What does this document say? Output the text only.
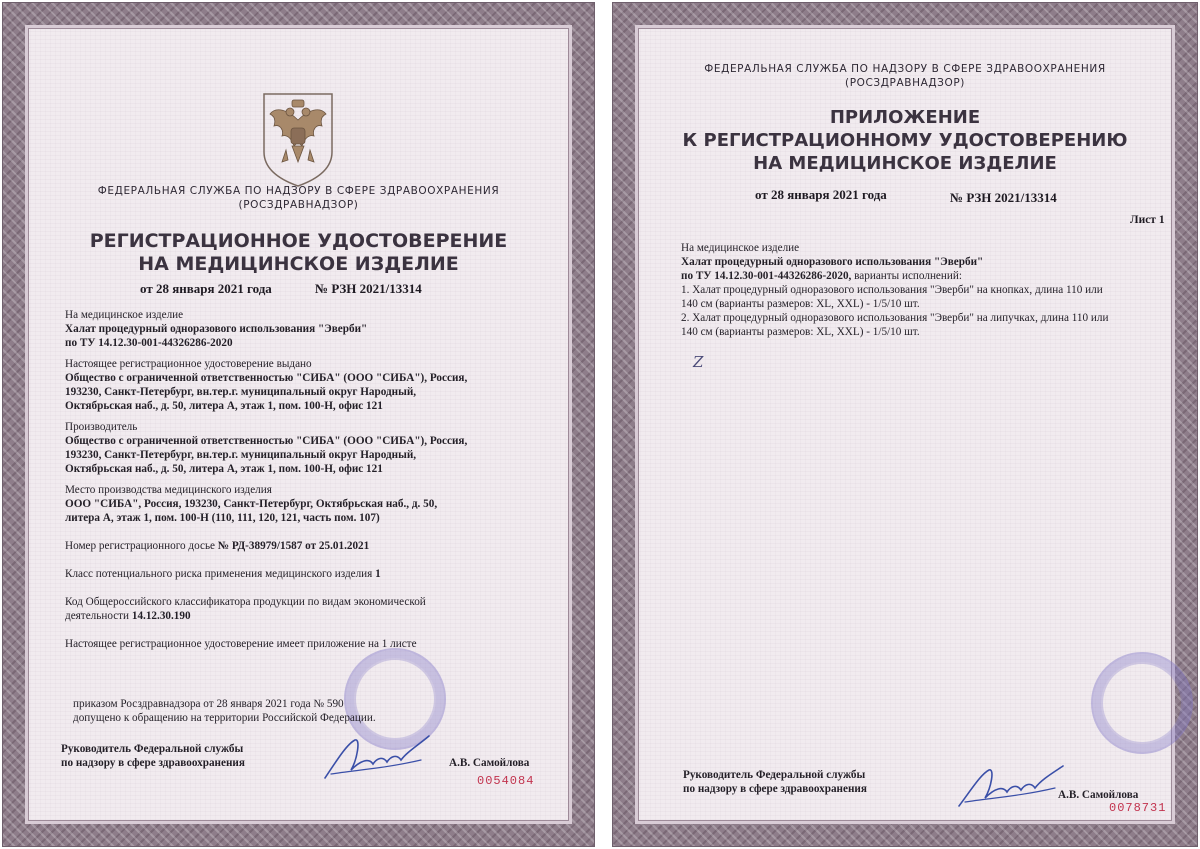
ФЕДЕРАЛЬНАЯ СЛУЖБА ПО НАДЗОРУ В СФЕРЕ ЗДРАВООХРАНЕНИЯ

(РОСЗДРАВНАДЗОР)

РЕГИСТРАЦИОННОЕ УДОСТОВЕРЕНИЕ

НА МЕДИЦИНСКОЕ ИЗДЕЛИЕ

от 28 января 2021 года	№ РЗН 2021/13314
На медицинское изделие
Халат процедурный одноразового использования "Эверби"
по ТУ 14.12.30-001-44326286-2020
Настоящее регистрационное удостоверение выдано
Общество с ограниченной ответственностью "СИБА" (ООО "СИБА"), Россия,
193230, Санкт-Петербург, вн.тер.г. муниципальный округ Народный,
Октябрьская наб., д. 50, литера А, этаж 1, пом. 100-Н, офис 121
Производитель
Общество с ограниченной ответственностью "СИБА" (ООО "СИБА"), Россия,
193230, Санкт-Петербург, вн.тер.г. муниципальный округ Народный,
Октябрьская наб., д. 50, литера А, этаж 1, пом. 100-Н, офис 121
Место производства медицинского изделия
ООО "СИБА", Россия, 193230, Санкт-Петербург, Октябрьская наб., д. 50,
литера А, этаж 1, пом. 100-Н (110, 111, 120, 121, часть пом. 107)
Номер регистрационного досье № РД-38979/1587 от 25.01.2021
Класс потенциального риска применения медицинского изделия 1
Код Общероссийского классификатора продукции по видам экономической
деятельности 14.12.30.190
Настоящее регистрационное удостоверение имеет приложение на 1 листе
приказом Росздравнадзора от 28 января 2021 года № 590
допущено к обращению на территории Российской Федерации.
Руководитель Федеральной службы
по надзору в сфере здравоохранения	А.В. Самойлова
0054084

ФЕДЕРАЛЬНАЯ СЛУЖБА ПО НАДЗОРУ В СФЕРЕ ЗДРАВООХРАНЕНИЯ

(РОСЗДРАВНАДЗОР)

ПРИЛОЖЕНИЕ

К РЕГИСТРАЦИОННОМУ УДОСТОВЕРЕНИЮ

НА МЕДИЦИНСКОЕ ИЗДЕЛИЕ

от 28 января 2021 года	№ РЗН 2021/13314
Лист 1
На медицинское изделие
Халат процедурный одноразового использования "Эверби"
по ТУ 14.12.30-001-44326286-2020, варианты исполнений:
1. Халат процедурный одноразового использования "Эверби" на кнопках, длина 110 или
140 см (варианты размеров: XL, XXL) - 1/5/10 шт.
2. Халат процедурный одноразового использования "Эверби" на липучках, длина 110 или
140 см (варианты размеров: XL, XXL) - 1/5/10 шт.
Z
Руководитель Федеральной службы
по надзору в сфере здравоохранения	А.В. Самойлова
0078731
